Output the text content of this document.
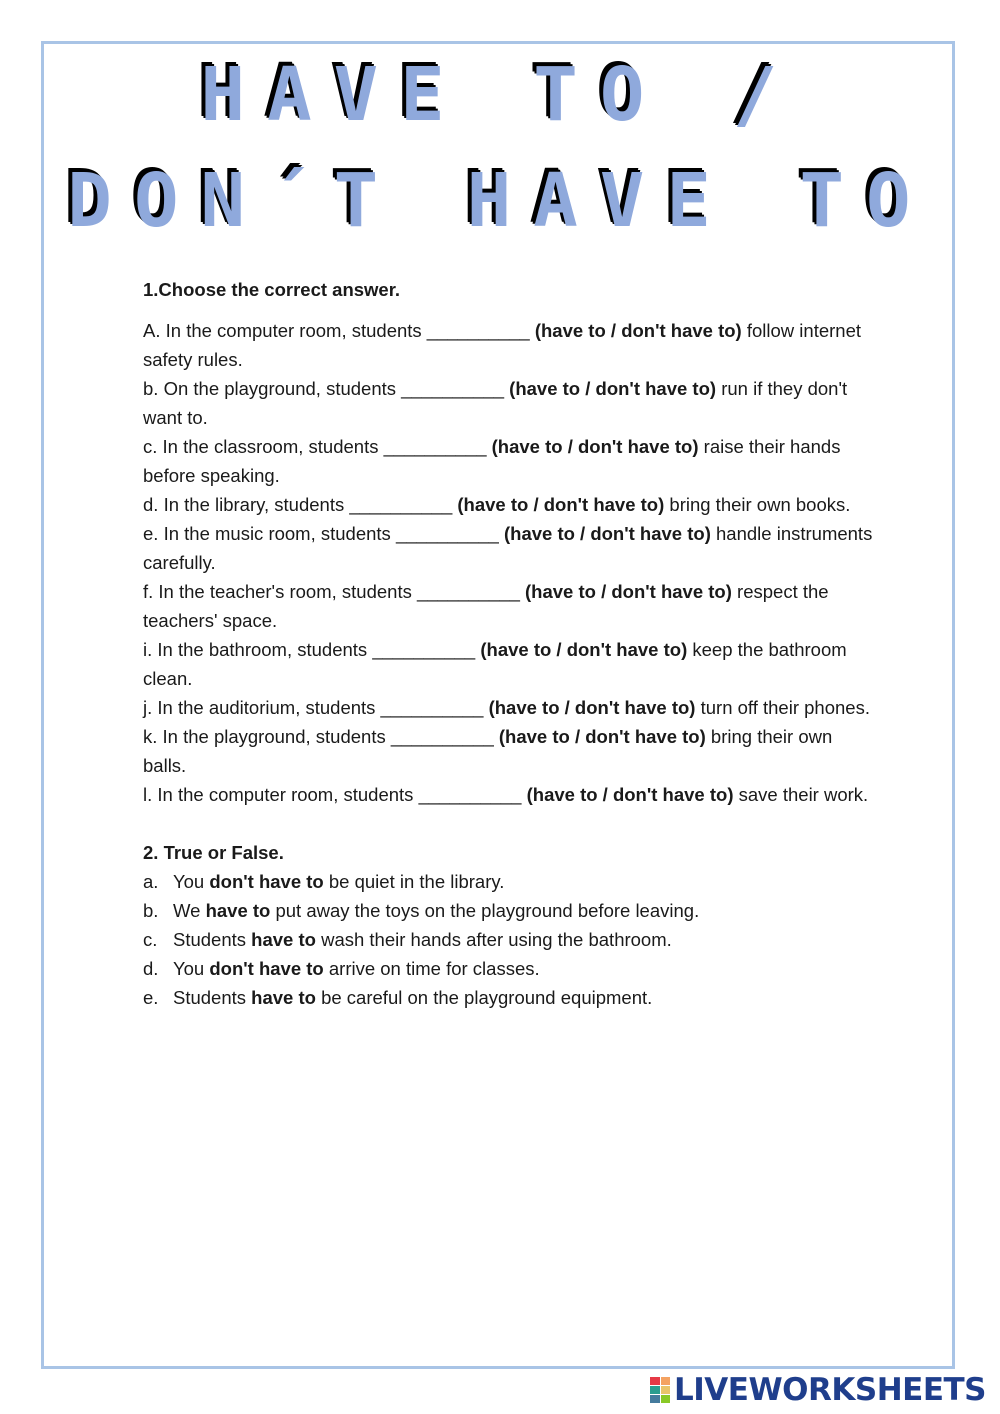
HAVE TO /
DON´T HAVE TO

1.Choose the correct answer.

A. In the computer room, students __________ (have to / don't have to) follow internet safety rules.

b. On the playground, students __________ (have to / don't have to) run if they don't want to.

c. In the classroom, students __________ (have to / don't have to) raise their hands before speaking.

d. In the library, students __________ (have to / don't have to) bring their own books.

e. In the music room, students __________ (have to / don't have to) handle instruments carefully.

f. In the teacher's room, students __________ (have to / don't have to) respect the teachers' space.

i. In the bathroom, students __________ (have to / don't have to) keep the bathroom clean.

j. In the auditorium, students __________ (have to / don't have to) turn off their phones.

k. In the playground, students __________ (have to / don't have to) bring their own balls.

l. In the computer room, students __________ (have to / don't have to) save their work.

2. True or False.

a. You don't have to be quiet in the library.
b. We have to put away the toys on the playground before leaving.
c. Students have to wash their hands after using the bathroom.
d. You don't have to arrive on time for classes.
e. Students have to be careful on the playground equipment.
LIVEWORKSHEETS
